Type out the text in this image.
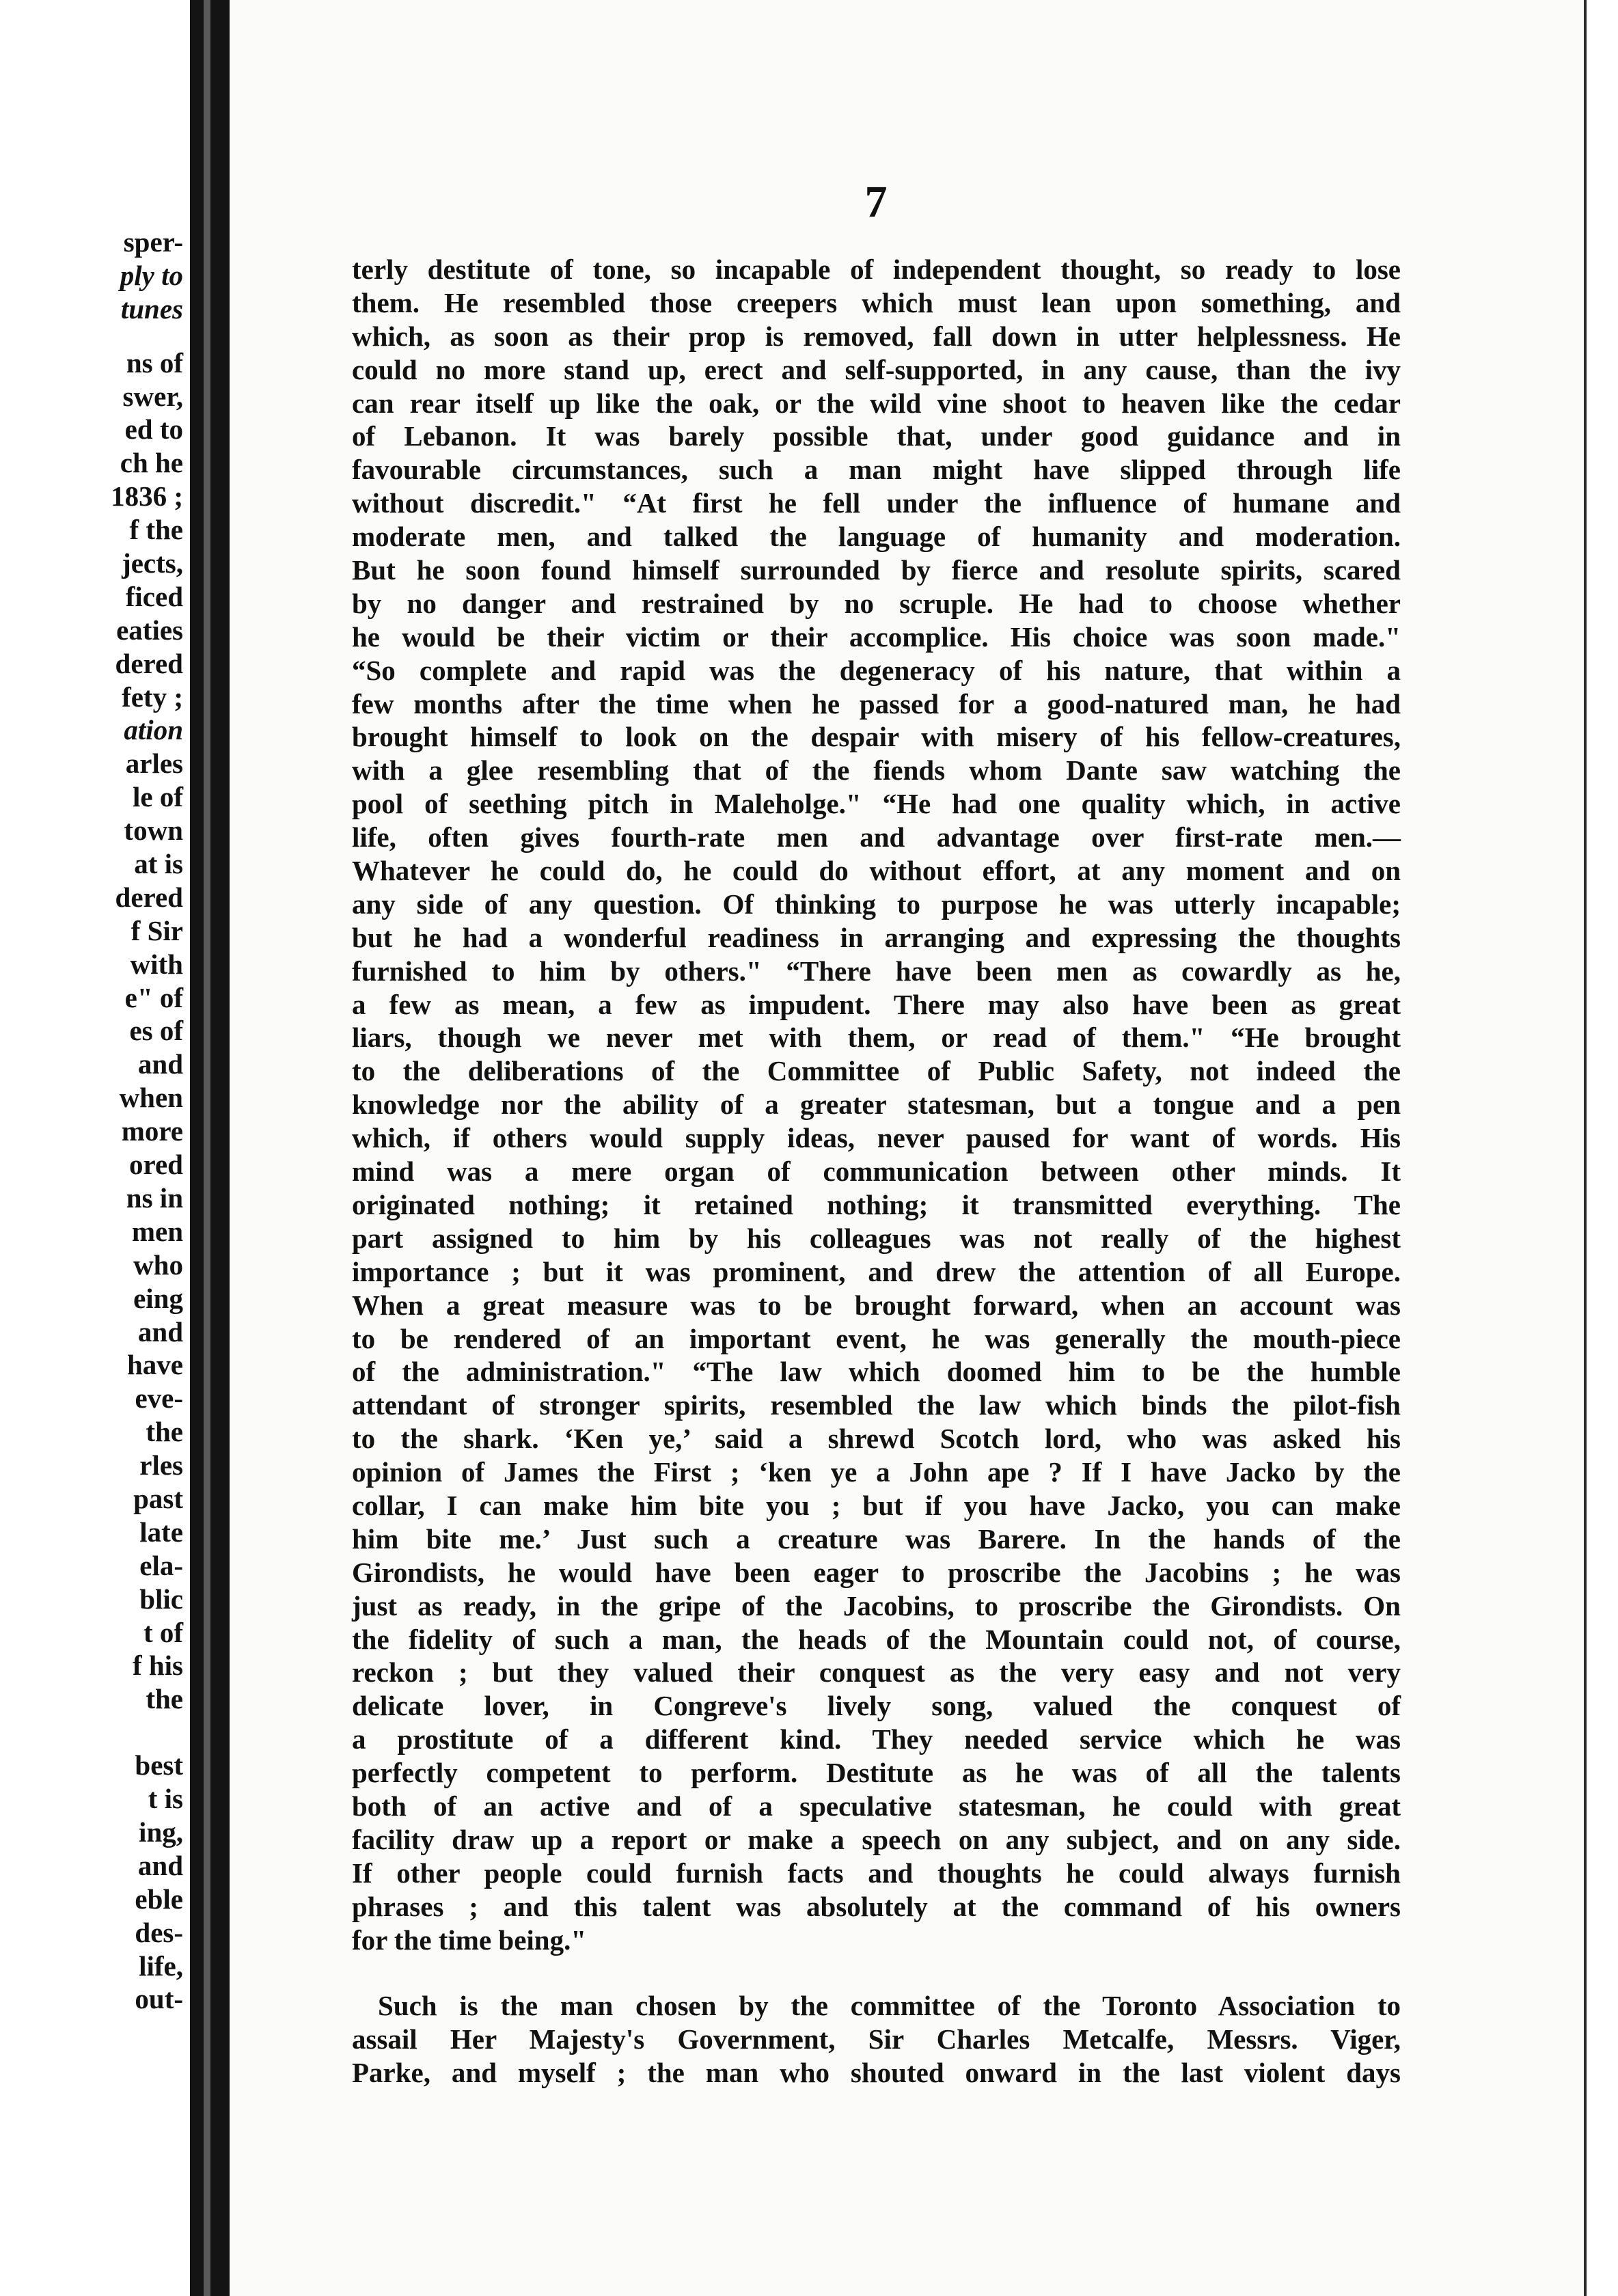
sper-
ply to
tunes
ns of
swer,
ed to
ch he
1836 ;
f the
jects,
ficed
eaties
dered
fety ;
ation
arles
le of
town
at is
dered
f Sir
with
e" of
es of
and
when
more
ored
ns in
men
who
eing
and
have
eve-
the
rles
past
late
ela-
blic
t of
f his
the
best
t is
ing,
and
eble
des-
life,
out-

7

terly destitute of tone, so incapable of independent thought, so ready to lose
them. He resembled those creepers which must lean upon something, and
which, as soon as their prop is removed, fall down in utter helplessness. He
could no more stand up, erect and self-supported, in any cause, than the ivy
can rear itself up like the oak, or the wild vine shoot to heaven like the cedar
of Lebanon. It was barely possible that, under good guidance and in
favourable circumstances, such a man might have slipped through life
without discredit." “At first he fell under the influence of humane and
moderate men, and talked the language of humanity and moderation.
But he soon found himself surrounded by fierce and resolute spirits, scared
by no danger and restrained by no scruple. He had to choose whether
he would be their victim or their accomplice. His choice was soon made."
“So complete and rapid was the degeneracy of his nature, that within a
few months after the time when he passed for a good-natured man, he had
brought himself to look on the despair with misery of his fellow-creatures,
with a glee resembling that of the fiends whom Dante saw watching the
pool of seething pitch in Maleholge." “He had one quality which, in active
life, often gives fourth-rate men and advantage over first-rate men.—
Whatever he could do, he could do without effort, at any moment and on
any side of any question. Of thinking to purpose he was utterly incapable;
but he had a wonderful readiness in arranging and expressing the thoughts
furnished to him by others." “There have been men as cowardly as he,
a few as mean, a few as impudent. There may also have been as great
liars, though we never met with them, or read of them." “He brought
to the deliberations of the Committee of Public Safety, not indeed the
knowledge nor the ability of a greater statesman, but a tongue and a pen
which, if others would supply ideas, never paused for want of words. His
mind was a mere organ of communication between other minds. It
originated nothing; it retained nothing; it transmitted everything. The
part assigned to him by his colleagues was not really of the highest
importance ; but it was prominent, and drew the attention of all Europe.
When a great measure was to be brought forward, when an account was
to be rendered of an important event, he was generally the mouth-piece
of the administration." “The law which doomed him to be the humble
attendant of stronger spirits, resembled the law which binds the pilot-fish
to the shark. ‘Ken ye,’ said a shrewd Scotch lord, who was asked his
opinion of James the First ; ‘ken ye a John ape ? If I have Jacko by the
collar, I can make him bite you ; but if you have Jacko, you can make
him bite me.’ Just such a creature was Barere. In the hands of the
Girondists, he would have been eager to proscribe the Jacobins ; he was
just as ready, in the gripe of the Jacobins, to proscribe the Girondists. On
the fidelity of such a man, the heads of the Mountain could not, of course,
reckon ; but they valued their conquest as the very easy and not very
delicate lover, in Congreve's lively song, valued the conquest of
a prostitute of a different kind. They needed service which he was
perfectly competent to perform. Destitute as he was of all the talents
both of an active and of a speculative statesman, he could with great
facility draw up a report or make a speech on any subject, and on any side.
If other people could furnish facts and thoughts he could always furnish
phrases ; and this talent was absolutely at the command of his owners
for the time being."
Such is the man chosen by the committee of the Toronto Association to
assail Her Majesty's Government, Sir Charles Metcalfe, Messrs. Viger,
Parke, and myself ; the man who shouted onward in the last violent days
